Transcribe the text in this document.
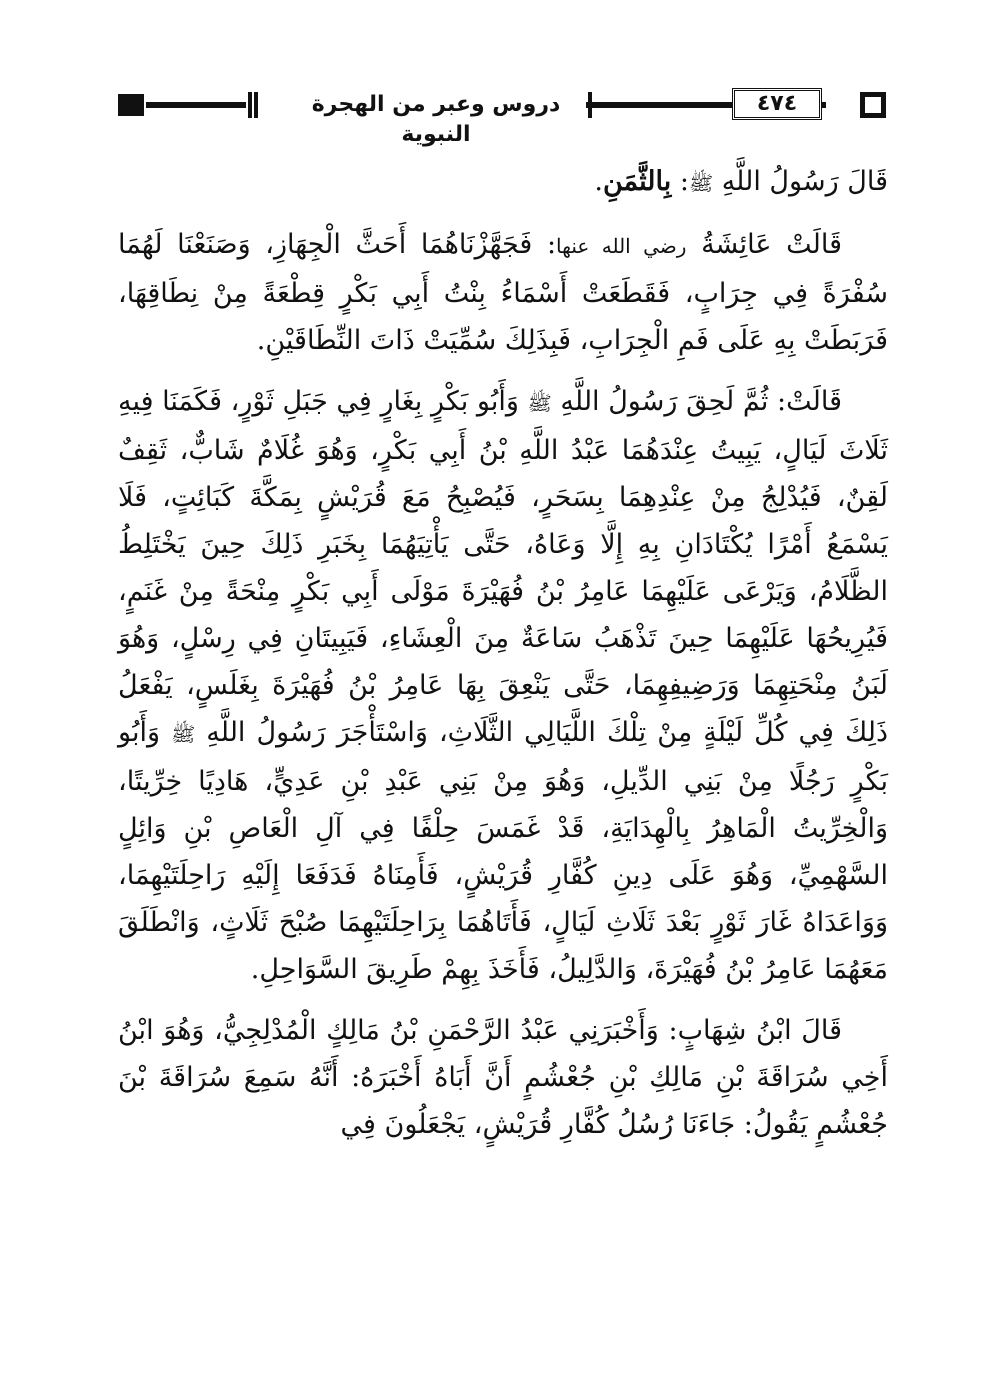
دروس وعبر من الهجرة النبوية
٤٧٤

قَالَ رَسُولُ اللَّهِ ﷺ: بِالثَّمَنِ.

قَالَتْ عَائِشَةُ رضي الله عنها: فَجَهَّزْنَاهُمَا أَحَثَّ الْجِهَازِ، وَصَنَعْنَا لَهُمَا سُفْرَةً فِي جِرَابٍ، فَقَطَعَتْ أَسْمَاءُ بِنْتُ أَبِي بَكْرٍ قِطْعَةً مِنْ نِطَاقِهَا، فَرَبَطَتْ بِهِ عَلَى فَمِ الْجِرَابِ، فَبِذَلِكَ سُمِّيَتْ ذَاتَ النِّطَاقَيْنِ.

قَالَتْ: ثُمَّ لَحِقَ رَسُولُ اللَّهِ ﷺ وَأَبُو بَكْرٍ بِغَارٍ فِي جَبَلِ ثَوْرٍ، فَكَمَنَا فِيهِ ثَلَاثَ لَيَالٍ، يَبِيتُ عِنْدَهُمَا عَبْدُ اللَّهِ بْنُ أَبِي بَكْرٍ، وَهُوَ غُلَامٌ شَابٌّ، ثَقِفٌ لَقِنٌ، فَيُدْلِجُ مِنْ عِنْدِهِمَا بِسَحَرٍ، فَيُصْبِحُ مَعَ قُرَيْشٍ بِمَكَّةَ كَبَائِتٍ، فَلَا يَسْمَعُ أَمْرًا يُكْتَادَانِ بِهِ إِلَّا وَعَاهُ، حَتَّى يَأْتِيَهُمَا بِخَبَرِ ذَلِكَ حِينَ يَخْتَلِطُ الظَّلَامُ، وَيَرْعَى عَلَيْهِمَا عَامِرُ بْنُ فُهَيْرَةَ مَوْلَى أَبِي بَكْرٍ مِنْحَةً مِنْ غَنَمٍ، فَيُرِيحُهَا عَلَيْهِمَا حِينَ تَذْهَبُ سَاعَةٌ مِنَ الْعِشَاءِ، فَيَبِيتَانِ فِي رِسْلٍ، وَهُوَ لَبَنُ مِنْحَتِهِمَا وَرَضِيفِهِمَا، حَتَّى يَنْعِقَ بِهَا عَامِرُ بْنُ فُهَيْرَةَ بِغَلَسٍ، يَفْعَلُ ذَلِكَ فِي كُلِّ لَيْلَةٍ مِنْ تِلْكَ اللَّيَالِي الثَّلَاثِ، وَاسْتَأْجَرَ رَسُولُ اللَّهِ ﷺ وَأَبُو بَكْرٍ رَجُلًا مِنْ بَنِي الدِّيلِ، وَهُوَ مِنْ بَنِي عَبْدِ بْنِ عَدِيٍّ، هَادِيًا خِرِّيتًا، وَالْخِرِّيتُ الْمَاهِرُ بِالْهِدَايَةِ، قَدْ غَمَسَ حِلْفًا فِي آلِ الْعَاصِ بْنِ وَائِلٍ السَّهْمِيِّ، وَهُوَ عَلَى دِينِ كُفَّارِ قُرَيْشٍ، فَأَمِنَاهُ فَدَفَعَا إِلَيْهِ رَاحِلَتَيْهِمَا، وَوَاعَدَاهُ غَارَ ثَوْرٍ بَعْدَ ثَلَاثِ لَيَالٍ، فَأَتَاهُمَا بِرَاحِلَتَيْهِمَا صُبْحَ ثَلَاثٍ، وَانْطَلَقَ مَعَهُمَا عَامِرُ بْنُ فُهَيْرَةَ، وَالدَّلِيلُ، فَأَخَذَ بِهِمْ طَرِيقَ السَّوَاحِلِ.

قَالَ ابْنُ شِهَابٍ: وَأَخْبَرَنِي عَبْدُ الرَّحْمَنِ بْنُ مَالِكٍ الْمُدْلِجِيُّ، وَهُوَ ابْنُ أَخِي سُرَاقَةَ بْنِ مَالِكِ بْنِ جُعْشُمٍ أَنَّ أَبَاهُ أَخْبَرَهُ: أَنَّهُ سَمِعَ سُرَاقَةَ بْنَ جُعْشُمٍ يَقُولُ: جَاءَنَا رُسُلُ كُفَّارِ قُرَيْشٍ، يَجْعَلُونَ فِي
